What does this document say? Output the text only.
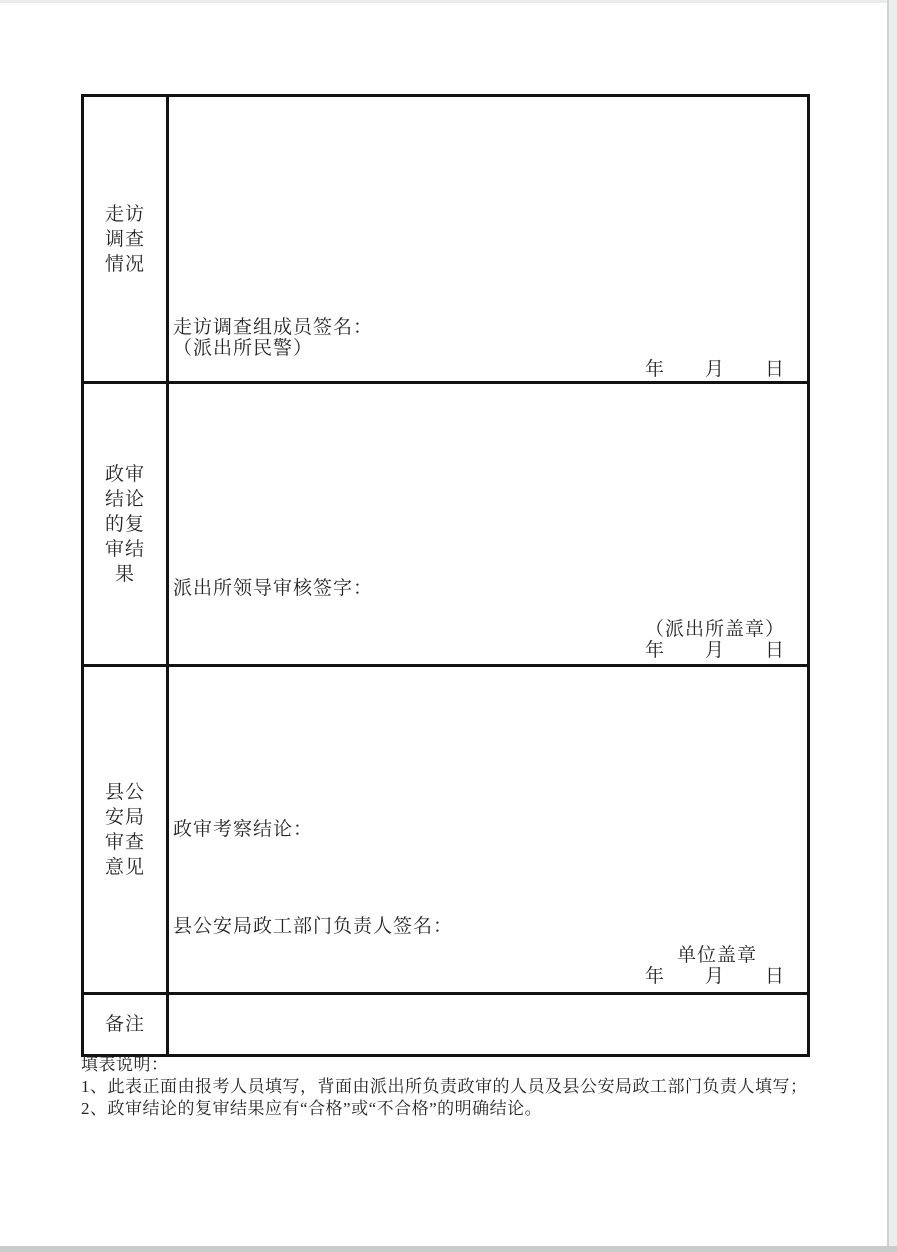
走访调查情况	走访调查组成员签名：
（派出所民警）
年　　月　　日

政审结论的复审结果	派出所领导审核签字：
（派出所盖章）
年　　月　　日

县公安局审查意见	政审考察结论：
县公安局政工部门负责人签名：
单位盖章
年　　月　　日

备注	

填表说明：
1、此表正面由报考人员填写，背面由派出所负责政审的人员及县公安局政工部门负责人填写；
2、政审结论的复审结果应有“合格”或“不合格”的明确结论。
